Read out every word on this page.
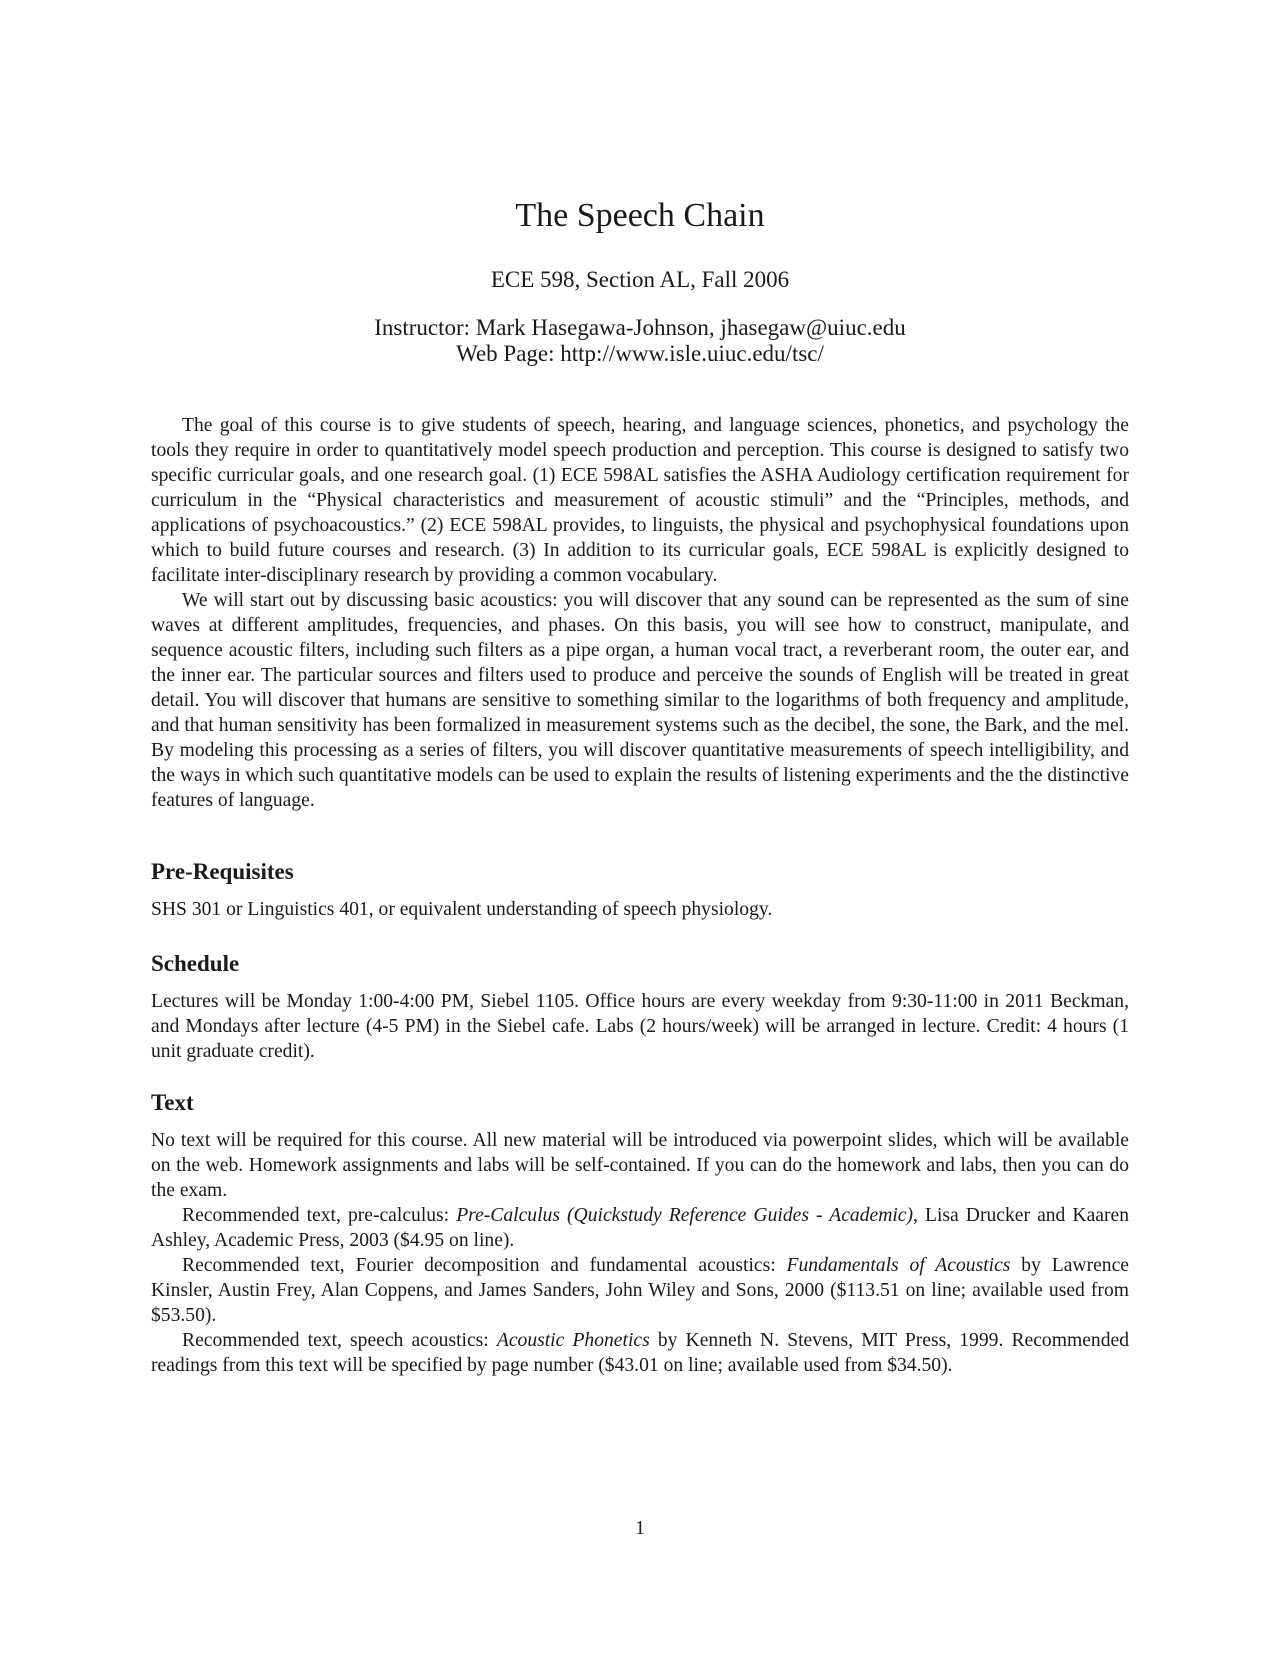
The Speech Chain
ECE 598, Section AL, Fall 2006
Instructor: Mark Hasegawa-Johnson, jhasegaw@uiuc.edu
Web Page: http://www.isle.uiuc.edu/tsc/

The goal of this course is to give students of speech, hearing, and language sciences, phonetics, and psychology the tools they require in order to quantitatively model speech production and perception. This course is designed to satisfy two specific curricular goals, and one research goal. (1) ECE 598AL satisfies the ASHA Audiology certification requirement for curriculum in the “Physical characteristics and measurement of acoustic stimuli” and the “Principles, methods, and applications of psychoacoustics.” (2) ECE 598AL provides, to linguists, the physical and psychophysical foundations upon which to build future courses and research. (3) In addition to its curricular goals, ECE 598AL is explicitly designed to facilitate inter-disciplinary research by providing a common vocabulary.

We will start out by discussing basic acoustics: you will discover that any sound can be represented as the sum of sine waves at different amplitudes, frequencies, and phases. On this basis, you will see how to construct, manipulate, and sequence acoustic filters, including such filters as a pipe organ, a human vocal tract, a reverberant room, the outer ear, and the inner ear. The particular sources and filters used to produce and perceive the sounds of English will be treated in great detail. You will discover that humans are sensitive to something similar to the logarithms of both frequency and amplitude, and that human sensitivity has been formalized in measurement systems such as the decibel, the sone, the Bark, and the mel. By modeling this processing as a series of filters, you will discover quantitative measurements of speech intelligibility, and the ways in which such quantitative models can be used to explain the results of listening experiments and the the distinctive features of language.

Pre-Requisites

SHS 301 or Linguistics 401, or equivalent understanding of speech physiology.

Schedule

Lectures will be Monday 1:00-4:00 PM, Siebel 1105. Office hours are every weekday from 9:30-11:00 in 2011 Beckman, and Mondays after lecture (4-5 PM) in the Siebel cafe. Labs (2 hours/week) will be arranged in lecture. Credit: 4 hours (1 unit graduate credit).

Text

No text will be required for this course. All new material will be introduced via powerpoint slides, which will be available on the web. Homework assignments and labs will be self-contained. If you can do the homework and labs, then you can do the exam.

Recommended text, pre-calculus: Pre-Calculus (Quickstudy Reference Guides - Academic), Lisa Drucker and Kaaren Ashley, Academic Press, 2003 ($4.95 on line).

Recommended text, Fourier decomposition and fundamental acoustics: Fundamentals of Acoustics by Lawrence Kinsler, Austin Frey, Alan Coppens, and James Sanders, John Wiley and Sons, 2000 ($113.51 on line; available used from $53.50).

Recommended text, speech acoustics: Acoustic Phonetics by Kenneth N. Stevens, MIT Press, 1999. Recommended readings from this text will be specified by page number ($43.01 on line; available used from $34.50).

1
